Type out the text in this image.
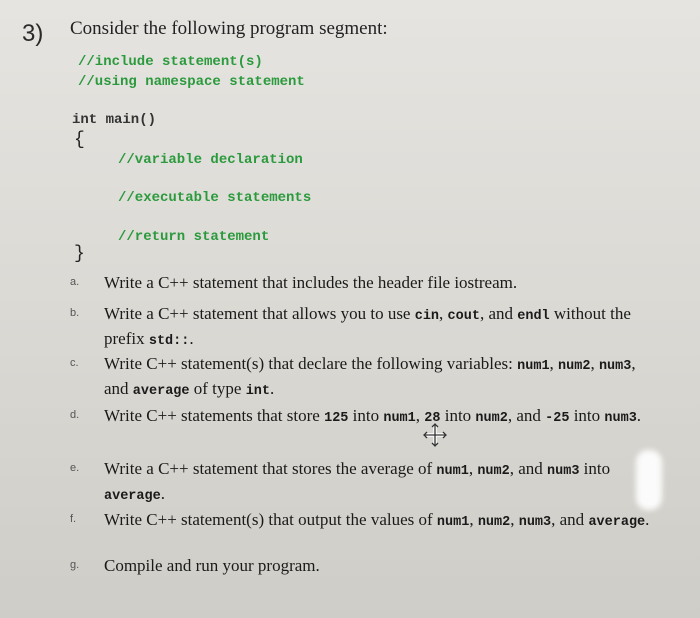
3) Consider the following program segment:
//include statement(s)
//using namespace statement
int main()
{
//variable declaration
//executable statements
//return statement
}
a. Write a C++ statement that includes the header file iostream.
b. Write a C++ statement that allows you to use cin, cout, and endl without the prefix std::.
c. Write C++ statement(s) that declare the following variables: num1, num2, num3, and average of type int.
d. Write C++ statements that store 125 into num1, 28 into num2, and -25 into num3.
e. Write a C++ statement that stores the average of num1, num2, and num3 into average.
f. Write C++ statement(s) that output the values of num1, num2, num3, and average.
g. Compile and run your program.
